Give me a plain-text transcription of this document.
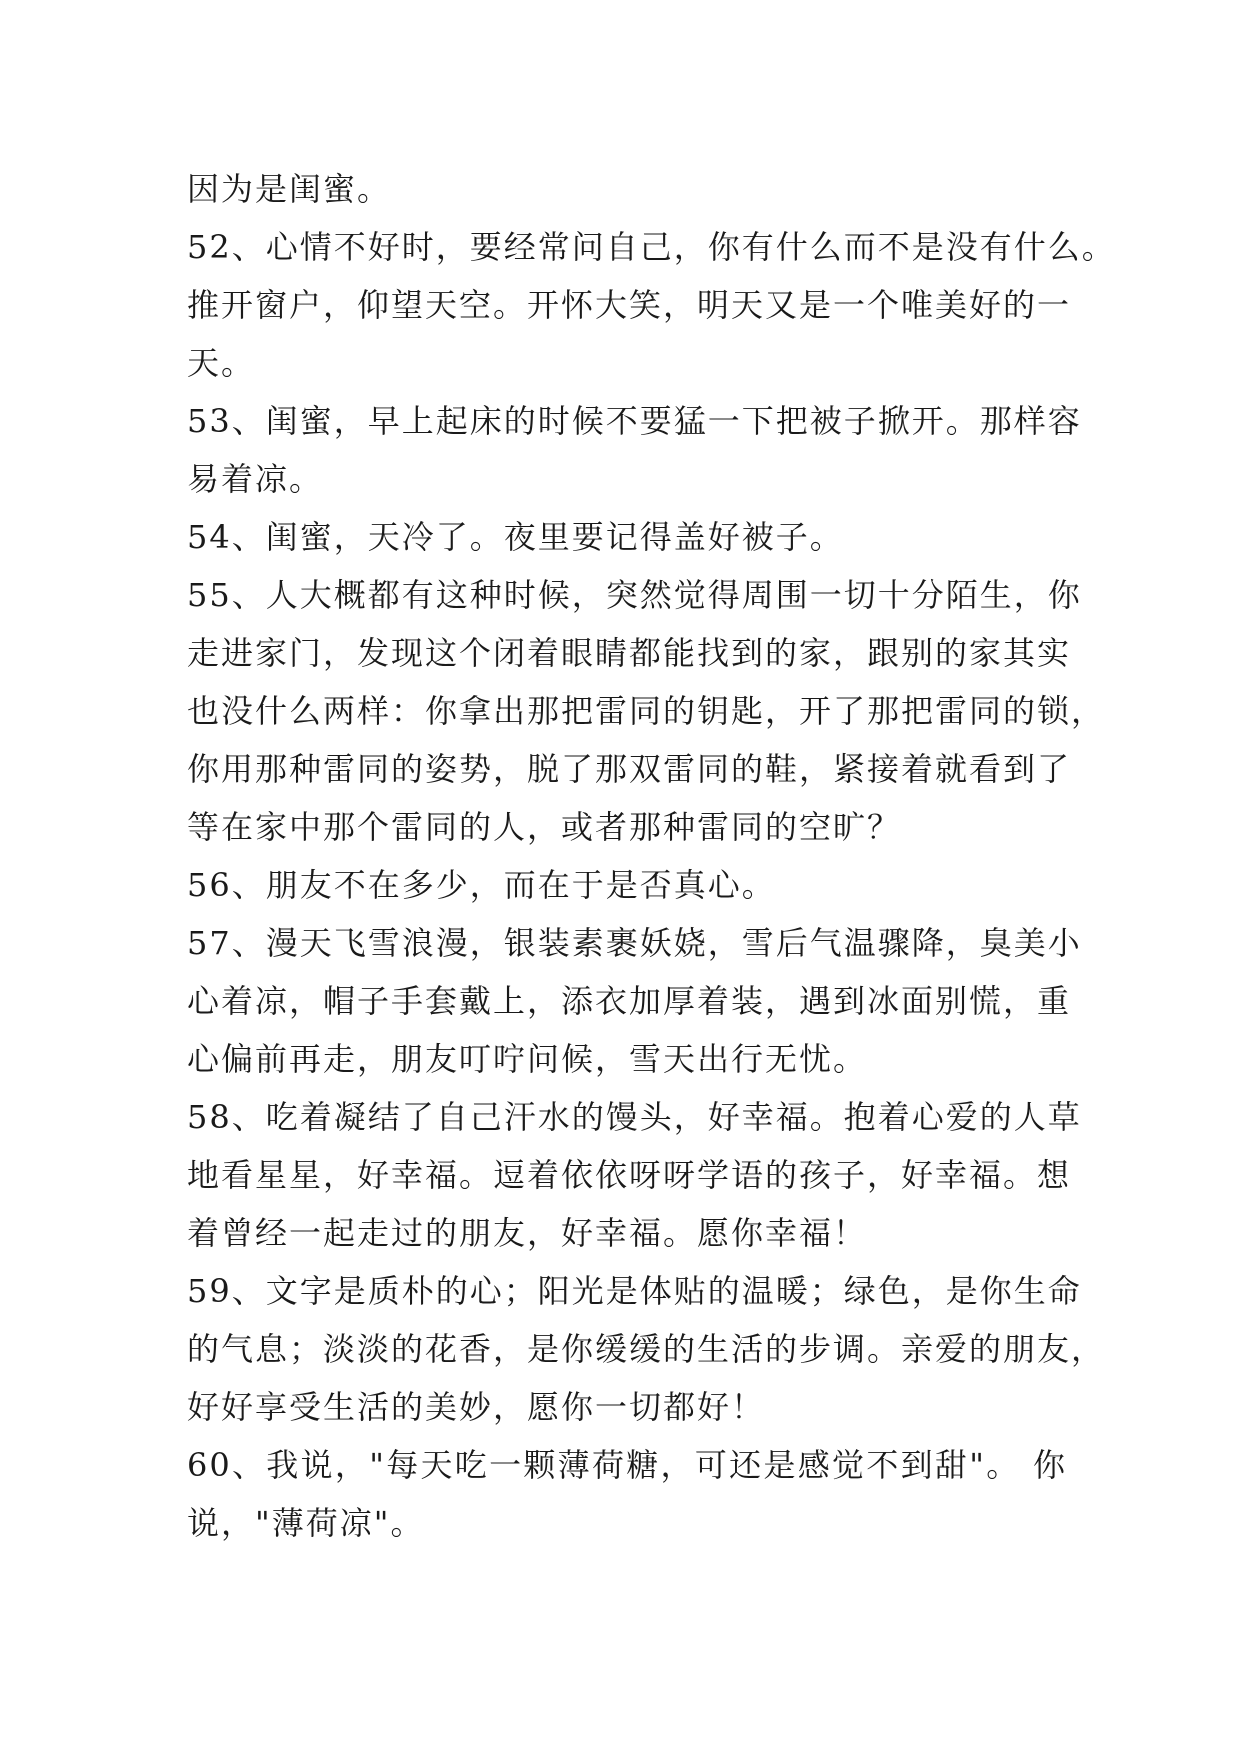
因为是闺蜜。
52、心情不好时，要经常问自己，你有什么而不是没有什么。
推开窗户，仰望天空。开怀大笑，明天又是一个唯美好的一
天。
53、闺蜜，早上起床的时候不要猛一下把被子掀开。那样容
易着凉。
54、闺蜜，天冷了。夜里要记得盖好被子。
55、人大概都有这种时候，突然觉得周围一切十分陌生，你
走进家门，发现这个闭着眼睛都能找到的家，跟别的家其实
也没什么两样：你拿出那把雷同的钥匙，开了那把雷同的锁，
你用那种雷同的姿势，脱了那双雷同的鞋，紧接着就看到了
等在家中那个雷同的人，或者那种雷同的空旷？
56、朋友不在多少，而在于是否真心。
57、漫天飞雪浪漫，银装素裹妖娆，雪后气温骤降，臭美小
心着凉，帽子手套戴上，添衣加厚着装，遇到冰面别慌，重
心偏前再走，朋友叮咛问候，雪天出行无忧。
58、吃着凝结了自己汗水的馒头，好幸福。抱着心爱的人草
地看星星，好幸福。逗着依依呀呀学语的孩子，好幸福。想
着曾经一起走过的朋友，好幸福。愿你幸福！
59、文字是质朴的心；阳光是体贴的温暖；绿色，是你生命
的气息；淡淡的花香，是你缓缓的生活的步调。亲爱的朋友，
好好享受生活的美妙，愿你一切都好！
60、我说，"每天吃一颗薄荷糖，可还是感觉不到甜"。 你
说，"薄荷凉"。
